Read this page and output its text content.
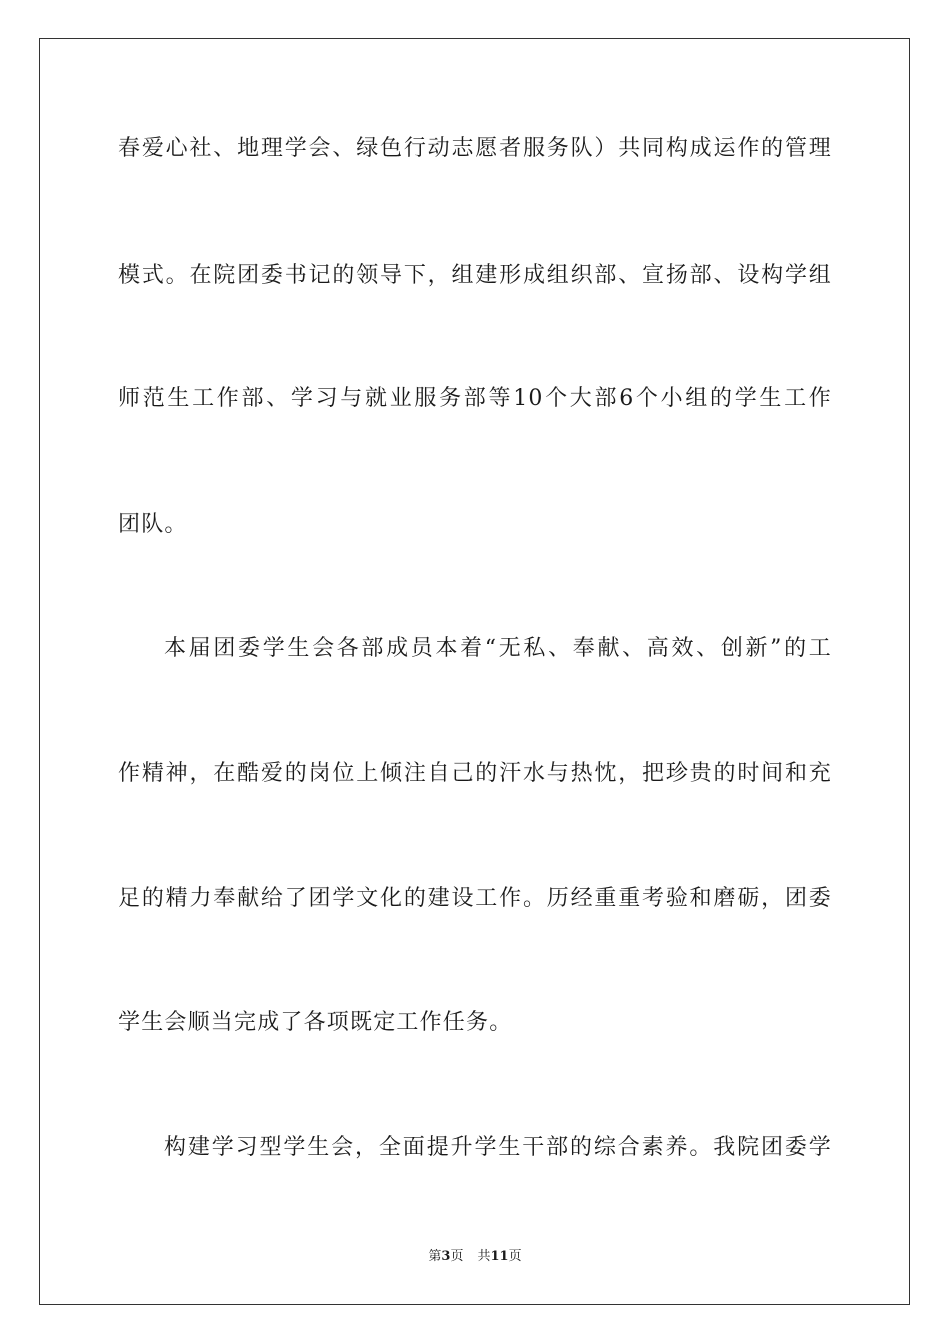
春爱心社、地理学会、绿色行动志愿者服务队）共同构成运作的管理
模式。在院团委书记的领导下，组建形成组织部、宣扬部、设构学组
师范生工作部、学习与就业服务部等10个大部6个小组的学生工作
团队。
本届团委学生会各部成员本着“无私、奉献、高效、创新”的工
作精神，在酷爱的岗位上倾注自己的汗水与热忱，把珍贵的时间和充
足的精力奉献给了团学文化的建设工作。历经重重考验和磨砺，团委
学生会顺当完成了各项既定工作任务。
构建学习型学生会，全面提升学生干部的综合素养。我院团委学
第3页 共11页
